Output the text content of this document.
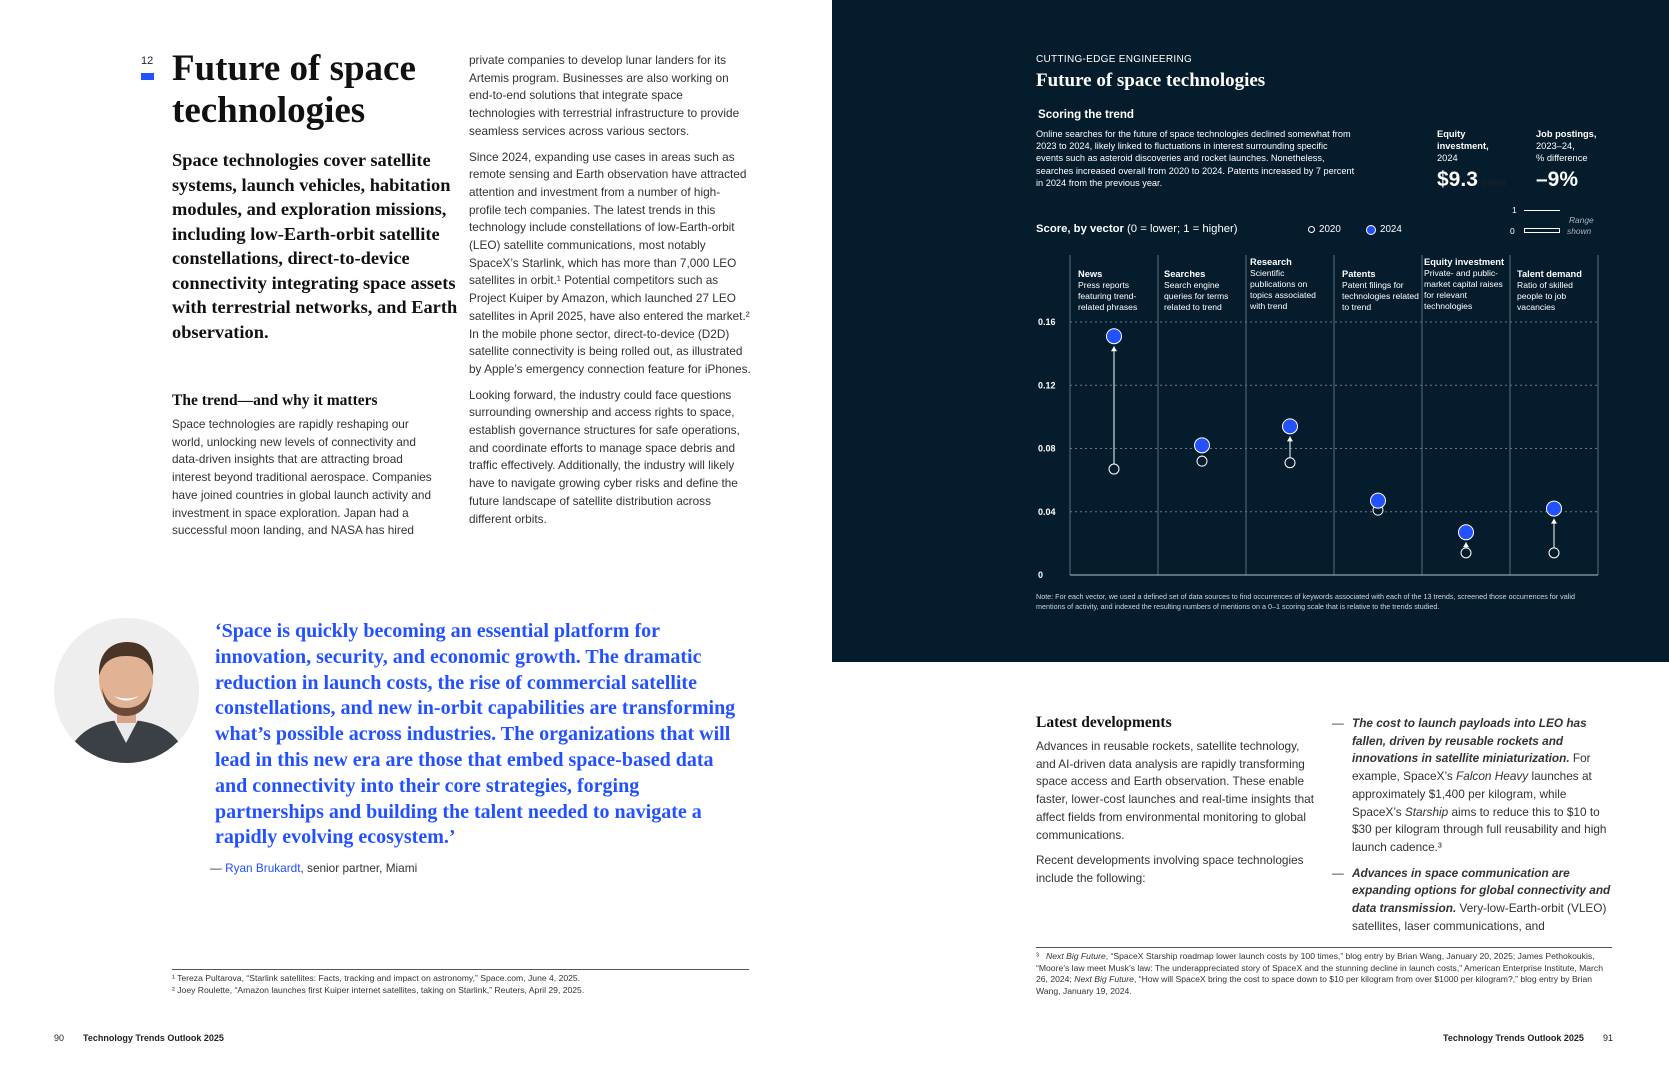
12 Future of space technologies

Space technologies cover satellite systems, launch vehicles, habitation modules, and exploration missions, including low-Earth-orbit satellite constellations, direct-to-device connectivity integrating space assets with terrestrial networks, and Earth observation.

The trend—and why it matters

Space technologies are rapidly reshaping our world, unlocking new levels of connectivity and data-driven insights that are attracting broad interest beyond traditional aerospace. Companies have joined countries in global launch activity and investment in space exploration. Japan had a successful moon landing, and NASA has hired

private companies to develop lunar landers for its Artemis program. Businesses are also working on end-to-end solutions that integrate space technologies with terrestrial infrastructure to provide seamless services across various sectors.

Since 2024, expanding use cases in areas such as remote sensing and Earth observation have attracted attention and investment from a number of high-profile tech companies. The latest trends in this technology include constellations of low-Earth-orbit (LEO) satellite communications, most notably SpaceX’s Starlink, which has more than 7,000 LEO satellites in orbit.¹ Potential competitors such as Project Kuiper by Amazon, which launched 27 LEO satellites in April 2025, have also entered the market.² In the mobile phone sector, direct-to-device (D2D) satellite connectivity is being rolled out, as illustrated by Apple’s emergency connection feature for iPhones.

Looking forward, the industry could face questions surrounding ownership and access rights to space, establish governance structures for safe operations, and coordinate efforts to manage space debris and traffic effectively. Additionally, the industry will likely have to navigate growing cyber risks and define the future landscape of satellite distribution across different orbits.

‘Space is quickly becoming an essential platform for innovation, security, and economic growth. The dramatic reduction in launch costs, the rise of commercial satellite constellations, and new in-orbit capabilities are transforming what’s possible across industries. The organizations that will lead in this new era are those that embed space-based data and connectivity into their core strategies, forging partnerships and building the talent needed to navigate a rapidly evolving ecosystem.’

— Ryan Brukardt, senior partner, Miami
¹ Tereza Pultarova, “Starlink satellites: Facts, tracking and impact on astronomy,” Space.com, June 4, 2025.
² Joey Roulette, “Amazon launches first Kuiper internet satellites, taking on Starlink,” Reuters, April 29, 2025.
90 Technology Trends Outlook 2025
CUTTING-EDGE ENGINEERING
Future of space technologies
Scoring the trend

Online searches for the future of space technologies declined somewhat from 2023 to 2024, likely linked to fluctuations in interest surrounding specific events such as asteroid discoveries and rocket launches. Nonetheless, searches increased overall from 2020 to 2024. Patents increased by 7 percent in 2024 from the previous year.

Equity
investment,
2024
$9.3 billion
Job postings,
2023–24,
% difference
–9%
Score, by vector (0 = lower; 1 = higher)	2020	2024
1
0
Range
shown
News
Press reports featuring trend-related phrases
Searches
Search engine queries for terms related to trend
Research
Scientific publications on topics associated with trend
Patents
Patent filings for technologies related to trend
Equity investment
Private- and public-market capital raises for relevant technologies
Talent demand
Ratio of skilled people to job vacancies
0
0.04
0.08
0.12
0.16

Note: For each vector, we used a defined set of data sources to find occurrences of keywords associated with each of the 13 trends, screened those occurrences for valid mentions of activity, and indexed the resulting numbers of mentions on a 0–1 scoring scale that is relative to the trends studied.

Latest developments

Advances in reusable rockets, satellite technology, and AI-driven data analysis are rapidly transforming space access and Earth observation. These enable faster, lower-cost launches and real-time insights that affect fields from environmental monitoring to global communications.

Recent developments involving space technologies include the following:

— The cost to launch payloads into LEO has fallen, driven by reusable rockets and innovations in satellite miniaturization. For example, SpaceX’s Falcon Heavy launches at approximately $1,400 per kilogram, while SpaceX’s Starship aims to reduce this to $10 to $30 per kilogram through full reusability and high launch cadence.³
— Advances in space communication are expanding options for global connectivity and data transmission. Very-low-Earth-orbit (VLEO) satellites, laser communications, and
³ Next Big Future, “SpaceX Starship roadmap lower launch costs by 100 times,” blog entry by Brian Wang, January 20, 2025; James Pethokoukis, “Moore’s law meet Musk’s law: The underappreciated story of SpaceX and the stunning decline in launch costs,” American Enterprise Institute, March 26, 2024; Next Big Future, “How will SpaceX bring the cost to space down to $10 per kilogram from over $1000 per kilogram?,” blog entry by Brian Wang, January 19, 2024.
Technology Trends Outlook 2025 91
